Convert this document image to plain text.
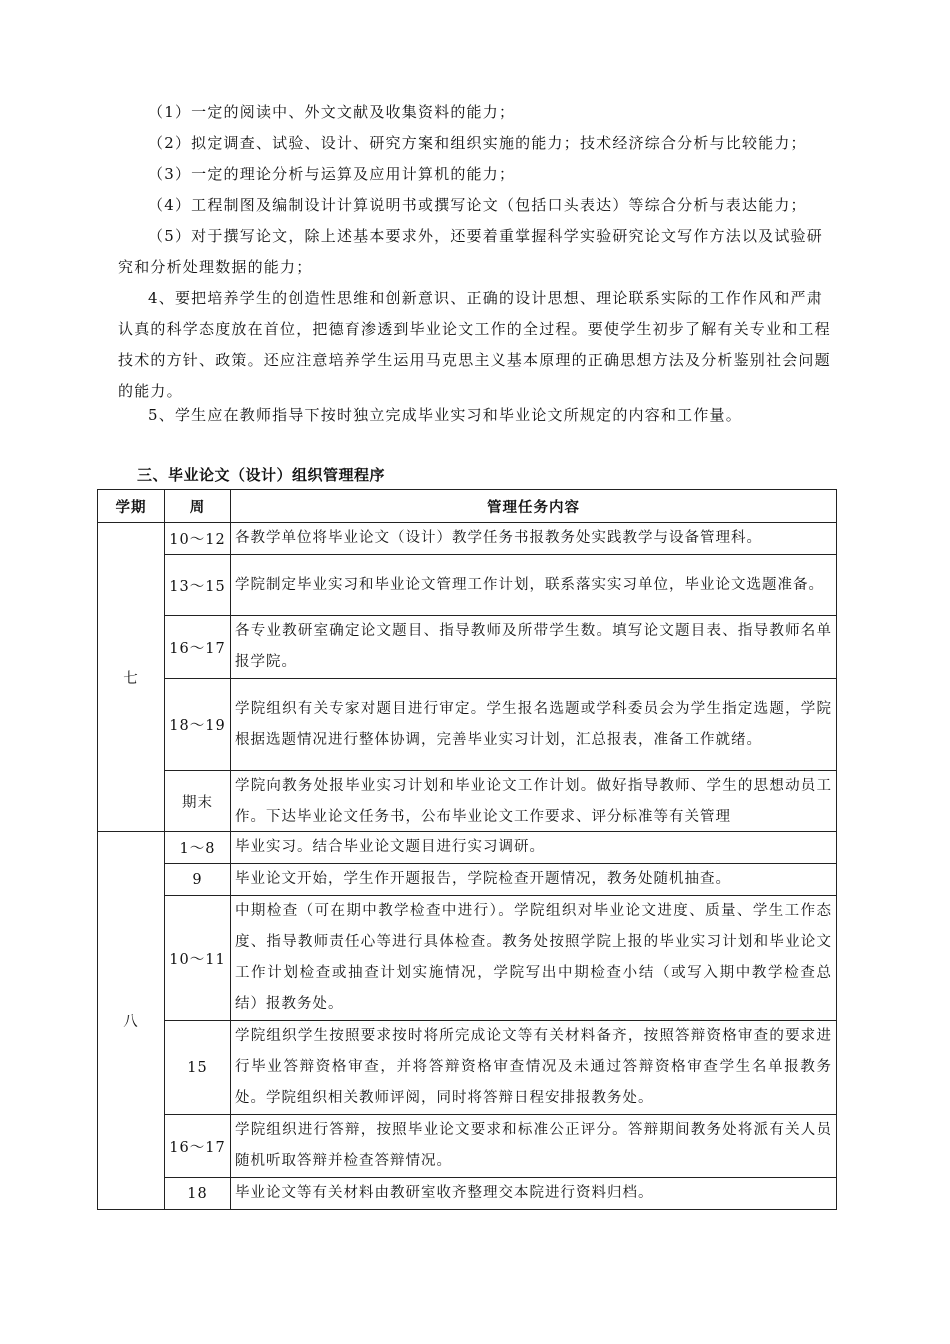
（1）一定的阅读中、外文文献及收集资料的能力；

（2）拟定调查、试验、设计、研究方案和组织实施的能力；技术经济综合分析与比较能力；

（3）一定的理论分析与运算及应用计算机的能力；

（4）工程制图及编制设计计算说明书或撰写论文（包括口头表达）等综合分析与表达能力；

（5）对于撰写论文，除上述基本要求外，还要着重掌握科学实验研究论文写作方法以及试验研究和分析处理数据的能力；

4、要把培养学生的创造性思维和创新意识、正确的设计思想、理论联系实际的工作作风和严肃认真的科学态度放在首位，把德育渗透到毕业论文工作的全过程。要使学生初步了解有关专业和工程技术的方针、政策。还应注意培养学生运用马克思主义基本原理的正确思想方法及分析鉴别社会问题的能力。

5、学生应在教师指导下按时独立完成毕业实习和毕业论文所规定的内容和工作量。

三、毕业论文（设计）组织管理程序
学期	周	管理任务内容
七	10～12	各教学单位将毕业论文（设计）教学任务书报教务处实践教学与设备管理科。
	13～15	学院制定毕业实习和毕业论文管理工作计划，联系落实实习单位，毕业论文选题准备。
	16～17	各专业教研室确定论文题目、指导教师及所带学生数。填写论文题目表、指导教师名单报学院。
	18～19	学院组织有关专家对题目进行审定。学生报名选题或学科委员会为学生指定选题，学院根据选题情况进行整体协调，完善毕业实习计划，汇总报表，准备工作就绪。
	期末	学院向教务处报毕业实习计划和毕业论文工作计划。做好指导教师、学生的思想动员工作。下达毕业论文任务书，公布毕业论文工作要求、评分标准等有关管理

八	1～8	毕业实习。结合毕业论文题目进行实习调研。
	9	毕业论文开始，学生作开题报告，学院检查开题情况，教务处随机抽查。
	10～11	中期检查（可在期中教学检查中进行）。学院组织对毕业论文进度、质量、学生工作态度、指导教师责任心等进行具体检查。教务处按照学院上报的毕业实习计划和毕业论文工作计划检查或抽查计划实施情况，学院写出中期检查小结（或写入期中教学检查总结）报教务处。
	15	学院组织学生按照要求按时将所完成论文等有关材料备齐，按照答辩资格审查的要求进行毕业答辩资格审查，并将答辩资格审查情况及未通过答辩资格审查学生名单报教务处。学院组织相关教师评阅，同时将答辩日程安排报教务处。
	16～17	学院组织进行答辩，按照毕业论文要求和标准公正评分。答辩期间教务处将派有关人员随机听取答辩并检查答辩情况。
	18	毕业论文等有关材料由教研室收齐整理交本院进行资料归档。
